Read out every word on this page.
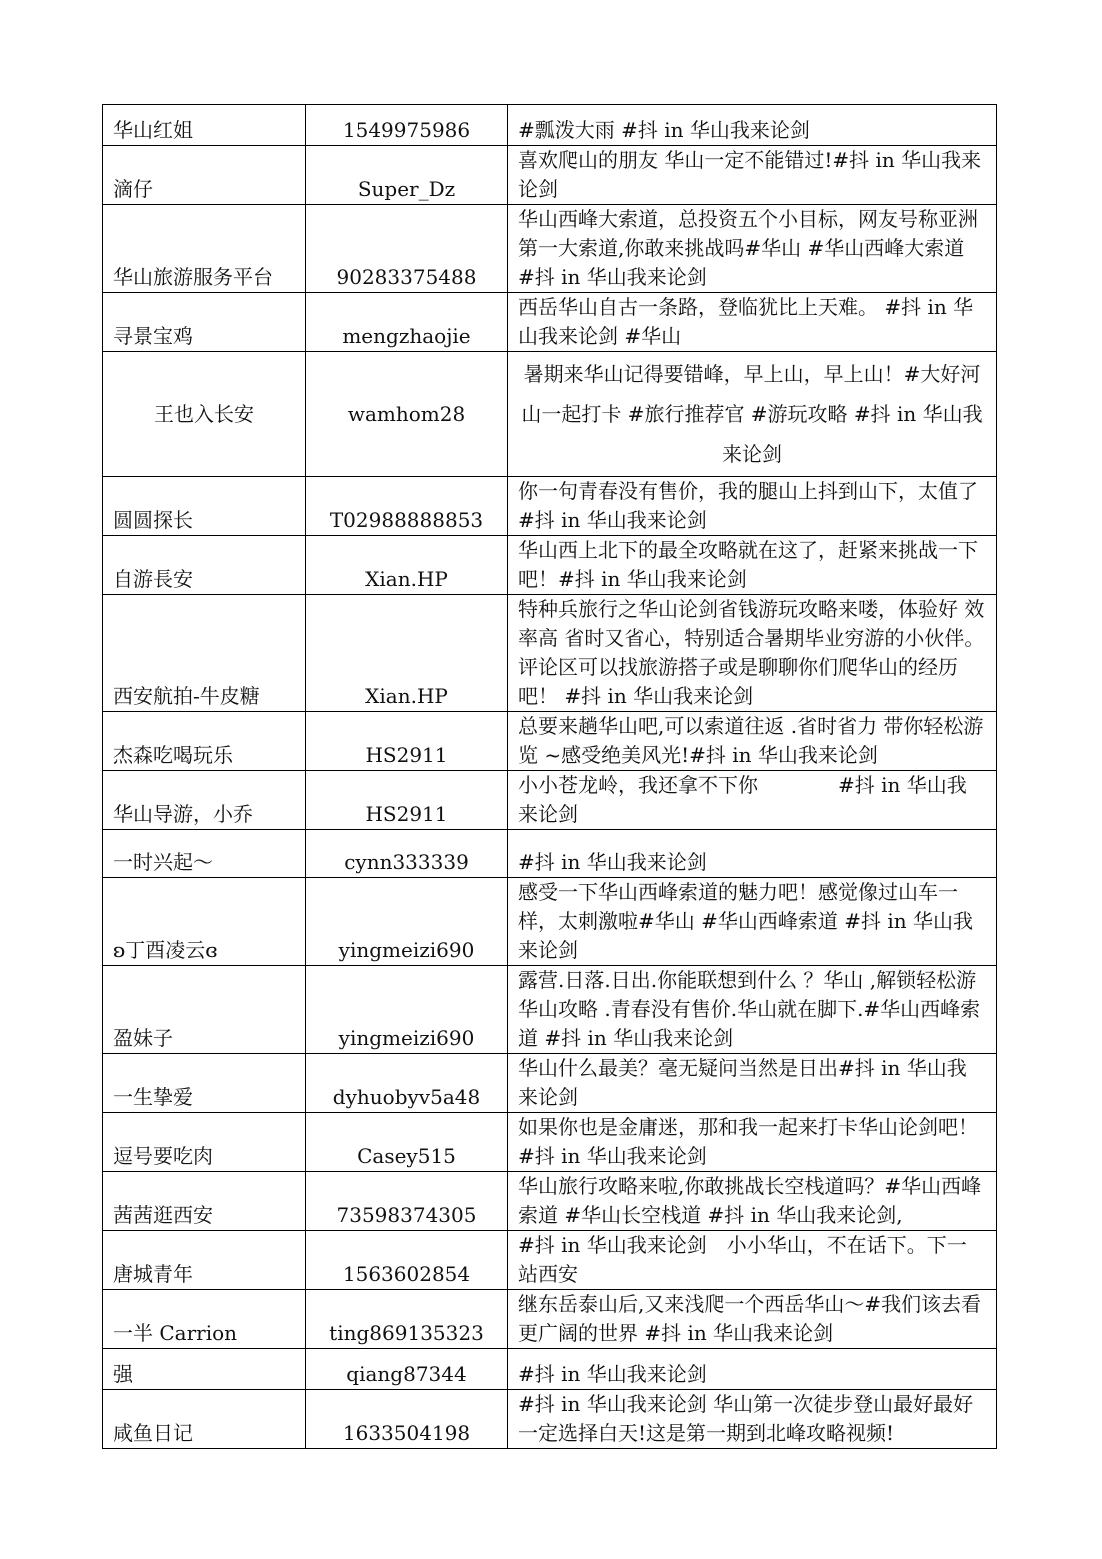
华山红姐	1549975986	#瓢泼大雨 #抖 in 华山我来论剑
滴仔	Super_Dz	喜欢爬山的朋友 华山一定不能错过!#抖 in 华山我来论剑
华山旅游服务平台	90283375488	华山西峰大索道，总投资五个小目标，网友号称亚洲第一大索道,你敢来挑战吗#华山 #华山西峰大索道 #抖 in 华山我来论剑
寻景宝鸡	mengzhaojie	西岳华山自古一条路，登临犹比上天难。 #抖 in 华山我来论剑 #华山
王也入长安	wamhom28	暑期来华山记得要错峰，早上山，早上山！#大好河山一起打卡 #旅行推荐官 #游玩攻略 #抖 in 华山我来论剑
圆圆探长	T02988888853	你一句青春没有售价，我的腿山上抖到山下，太值了#抖 in 华山我来论剑
自游長安	Xian.HP	华山西上北下的最全攻略就在这了，赶紧来挑战一下吧！#抖 in 华山我来论剑
西安航拍-牛皮糖	Xian.HP	特种兵旅行之华山论剑省钱游玩攻略来喽，体验好 效率高 省时又省心，特别适合暑期毕业穷游的小伙伴。评论区可以找旅游搭子或是聊聊你们爬华山的经历吧！ #抖 in 华山我来论剑
杰森吃喝玩乐	HS2911	总要来趟华山吧,可以索道往返 .省时省力 带你轻松游览 ~感受绝美风光!#抖 in 华山我来论剑
华山导游，小乔	HS2911	小小苍龙岭，我还拿不下你　　　　#抖 in 华山我来论剑
一时兴起～	cynn333339	#抖 in 华山我来论剑
ʚ丁酉凌云ɞ	yingmeizi690	感受一下华山西峰索道的魅力吧！感觉像过山车一样，太刺激啦#华山 #华山西峰索道 #抖 in 华山我来论剑
盈妹子	yingmeizi690	露营.日落.日出.你能联想到什么 ？华山 ,解锁轻松游华山攻略 .青春没有售价.华山就在脚下.#华山西峰索道 #抖 in 华山我来论剑
一生挚爱	dyhuobyv5a48	华山什么最美？毫无疑问当然是日出#抖 in 华山我来论剑
逗号要吃肉	Casey515	如果你也是金庸迷，那和我一起来打卡华山论剑吧！#抖 in 华山我来论剑
茜茜逛西安	73598374305	华山旅行攻略来啦,你敢挑战长空栈道吗？#华山西峰索道 #华山长空栈道 #抖 in 华山我来论剑,
唐城青年	1563602854	#抖 in 华山我来论剑　小小华山，不在话下。下一站西安
一半 Carrion	ting869135323	继东岳泰山后,又来浅爬一个西岳华山～#我们该去看更广阔的世界 #抖 in 华山我来论剑
强	qiang87344	#抖 in 华山我来论剑
咸鱼日记	1633504198	#抖 in 华山我来论剑 华山第一次徒步登山最好最好一定选择白天!这是第一期到北峰攻略视频!
